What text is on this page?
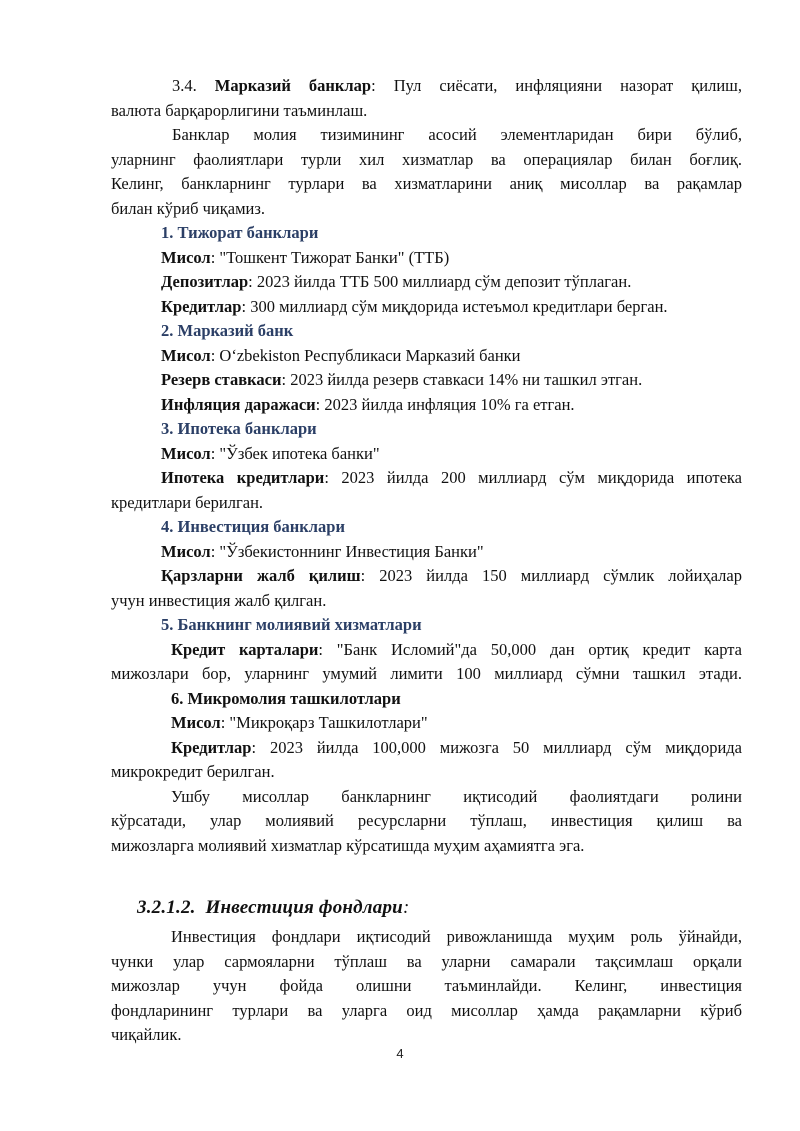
3.4. Марказий банклар: Пул сиёсати, инфляцияни назорат қилиш,
валюта барқарорлигини таъминлаш.
Банклар молия тизимининг асосий элементларидан бири бўлиб,
уларнинг фаолиятлари турли хил хизматлар ва операциялар билан боғлиқ.
Келинг, банкларнинг турлари ва хизматларини аниқ мисоллар ва рақамлар
билан кўриб чиқамиз.
1. Тижорат банклари
Мисол: "Тошкент Тижорат Банки" (ТТБ)
Депозитлар: 2023 йилда ТТБ 500 миллиард сўм депозит тўплаган.
Кредитлар: 300 миллиард сўм миқдорида истеъмол кредитлари берган.
2. Марказий банк
Мисол: O‘zbekiston Республикаси Марказий банки
Резерв ставкаси: 2023 йилда резерв ставкаси 14% ни ташкил этган.
Инфляция даражаси: 2023 йилда инфляция 10% га етган.
3. Ипотека банклари
Мисол: "Ўзбек ипотека банки"
Ипотека кредитлари: 2023 йилда 200 миллиард сўм миқдорида ипотека
кредитлари берилган.
4. Инвестиция банклари
Мисол: "Ўзбекистоннинг Инвестиция Банки"
Қарзларни жалб қилиш: 2023 йилда 150 миллиард сўмлик лойиҳалар
учун инвестиция жалб қилган.
5. Банкнинг молиявий хизматлари
Кредит карталари: "Банк Исломий"да 50,000 дан ортиқ кредит карта
мижозлари бор, уларнинг умумий лимити 100 миллиард сўмни ташкил этади.
6. Микромолия ташкилотлари
Мисол: "Микроқарз Ташкилотлари"
Кредитлар: 2023 йилда 100,000 мижозга 50 миллиард сўм миқдорида
микрокредит берилган.
Ушбу мисоллар банкларнинг иқтисодий фаолиятдаги ролини
кўрсатади, улар молиявий ресурсларни тўплаш, инвестиция қилиш ва
мижозларга молиявий хизматлар кўрсатишда муҳим аҳамиятга эга.
3.2.1.2. Инвестиция фондлари:
Инвестиция фондлари иқтисодий ривожланишда муҳим роль ўйнайди,
чунки улар сармояларни тўплаш ва уларни самарали тақсимлаш орқали
мижозлар учун фойда олишни таъминлайди. Келинг, инвестиция
фондларининг турлари ва уларга оид мисоллар ҳамда рақамларни кўриб
чиқайлик.
4
